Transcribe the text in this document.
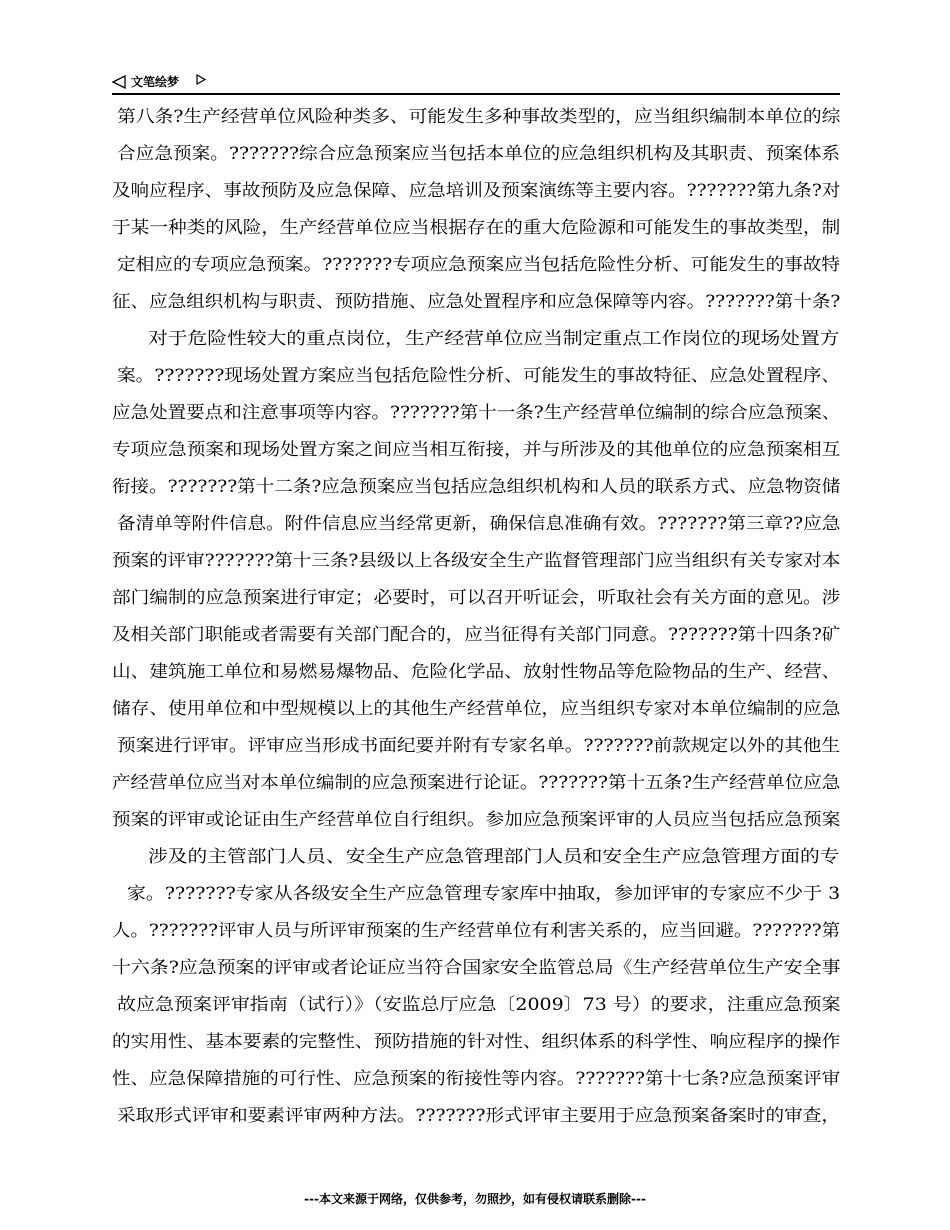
文笔绘梦
第八条?生产经营单位风险种类多、可能发生多种事故类型的，应当组织编制本单位的综
合应急预案。???????综合应急预案应当包括本单位的应急组织机构及其职责、预案体系
及响应程序、事故预防及应急保障、应急培训及预案演练等主要内容。???????第九条?对
于某一种类的风险，生产经营单位应当根据存在的重大危险源和可能发生的事故类型，制
定相应的专项应急预案。???????专项应急预案应当包括危险性分析、可能发生的事故特
征、应急组织机构与职责、预防措施、应急处置程序和应急保障等内容。???????第十条?
对于危险性较大的重点岗位，生产经营单位应当制定重点工作岗位的现场处置方
案。???????现场处置方案应当包括危险性分析、可能发生的事故特征、应急处置程序、
应急处置要点和注意事项等内容。???????第十一条?生产经营单位编制的综合应急预案、
专项应急预案和现场处置方案之间应当相互衔接，并与所涉及的其他单位的应急预案相互
衔接。???????第十二条?应急预案应当包括应急组织机构和人员的联系方式、应急物资储
备清单等附件信息。附件信息应当经常更新，确保信息准确有效。???????第三章??应急
预案的评审???????第十三条?县级以上各级安全生产监督管理部门应当组织有关专家对本
部门编制的应急预案进行审定；必要时，可以召开听证会，听取社会有关方面的意见。涉
及相关部门职能或者需要有关部门配合的，应当征得有关部门同意。???????第十四条?矿
山、建筑施工单位和易燃易爆物品、危险化学品、放射性物品等危险物品的生产、经营、
储存、使用单位和中型规模以上的其他生产经营单位，应当组织专家对本单位编制的应急
预案进行评审。评审应当形成书面纪要并附有专家名单。???????前款规定以外的其他生
产经营单位应当对本单位编制的应急预案进行论证。???????第十五条?生产经营单位应急
预案的评审或论证由生产经营单位自行组织。参加应急预案评审的人员应当包括应急预案
涉及的主管部门人员、安全生产应急管理部门人员和安全生产应急管理方面的专
家。???????专家从各级安全生产应急管理专家库中抽取，参加评审的专家应不少于 3
人。???????评审人员与所评审预案的生产经营单位有利害关系的，应当回避。???????第
十六条?应急预案的评审或者论证应当符合国家安全监管总局《生产经营单位生产安全事
故应急预案评审指南（试行）》（安监总厅应急〔2009〕73 号）的要求，注重应急预案
的实用性、基本要素的完整性、预防措施的针对性、组织体系的科学性、响应程序的操作
性、应急保障措施的可行性、应急预案的衔接性等内容。???????第十七条?应急预案评审
采取形式评审和要素评审两种方法。???????形式评审主要用于应急预案备案时的审查，
---本文来源于网络，仅供参考，勿照抄，如有侵权请联系删除---
